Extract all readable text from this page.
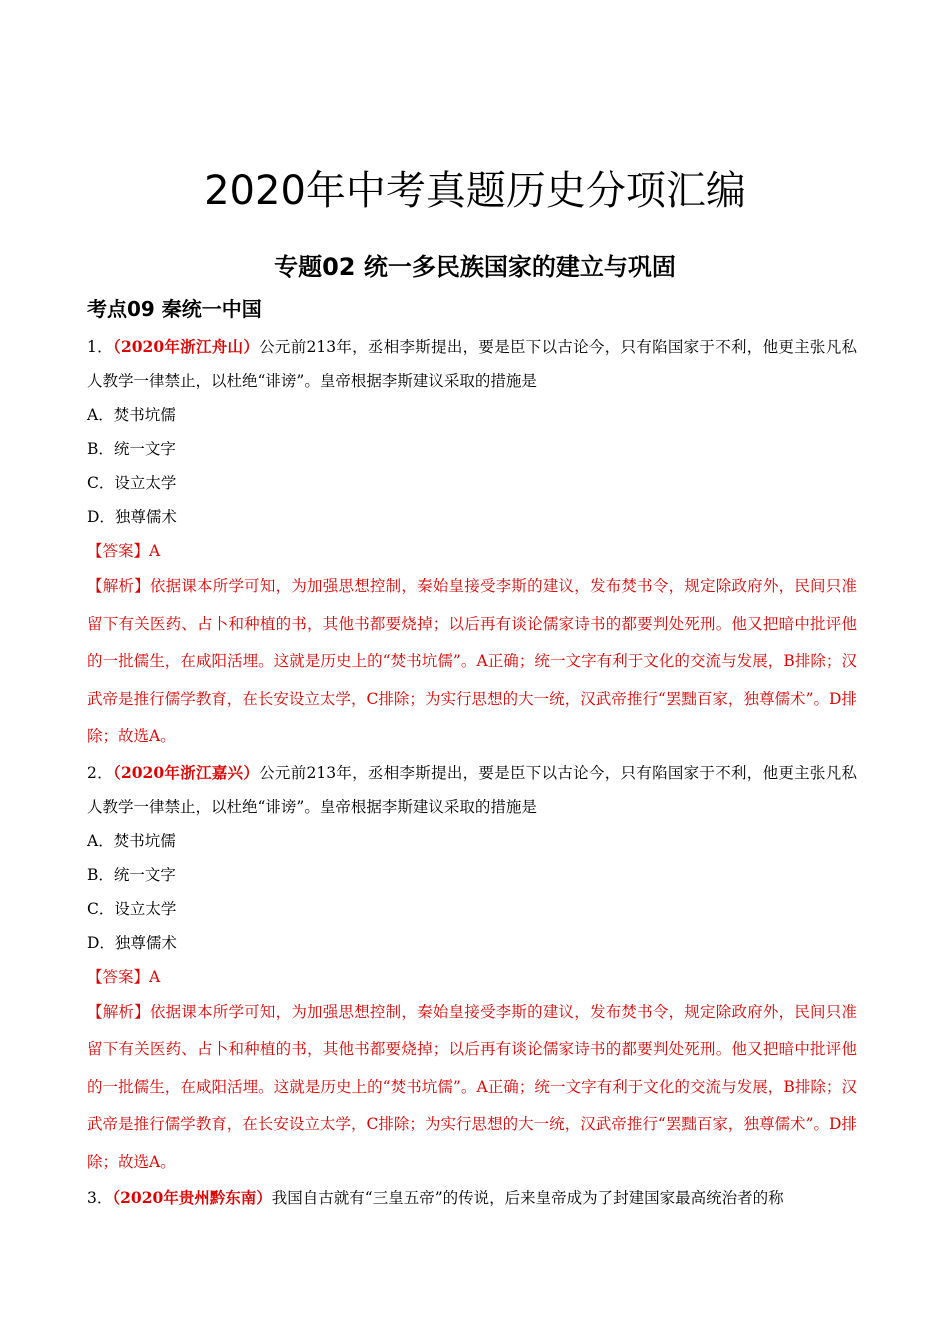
2020年中考真题历史分项汇编
专题02 统一多民族国家的建立与巩固
考点09 秦统一中国

1．（2020年浙江舟山）公元前213年，丞相李斯提出，要是臣下以古论今，只有陷国家于不利，他更主张凡私人教学一律禁止，以杜绝“诽谤”。皇帝根据李斯建议采取的措施是

A．焚书坑儒

B．统一文字

C．设立太学

D．独尊儒术

【答案】A

【解析】依据课本所学可知，为加强思想控制，秦始皇接受李斯的建议，发布焚书令，规定除政府外，民间只准留下有关医药、占卜和种植的书，其他书都要烧掉；以后再有谈论儒家诗书的都要判处死刑。他又把暗中批评他的一批儒生，在咸阳活埋。这就是历史上的“焚书坑儒”。A正确；统一文字有利于文化的交流与发展，B排除；汉武帝是推行儒学教育，在长安设立太学，C排除；为实行思想的大一统，汉武帝推行“罢黜百家，独尊儒术”。D排除；故选A。

2．（2020年浙江嘉兴）公元前213年，丞相李斯提出，要是臣下以古论今，只有陷国家于不利，他更主张凡私人教学一律禁止，以杜绝“诽谤”。皇帝根据李斯建议采取的措施是

A．焚书坑儒

B．统一文字

C．设立太学

D．独尊儒术

【答案】A

【解析】依据课本所学可知，为加强思想控制，秦始皇接受李斯的建议，发布焚书令，规定除政府外，民间只准留下有关医药、占卜和种植的书，其他书都要烧掉；以后再有谈论儒家诗书的都要判处死刑。他又把暗中批评他的一批儒生，在咸阳活埋。这就是历史上的“焚书坑儒”。A正确；统一文字有利于文化的交流与发展，B排除；汉武帝是推行儒学教育，在长安设立太学，C排除；为实行思想的大一统，汉武帝推行“罢黜百家，独尊儒术”。D排除；故选A。

3．（2020年贵州黔东南）我国自古就有“三皇五帝”的传说，后来皇帝成为了封建国家最高统治者的称
